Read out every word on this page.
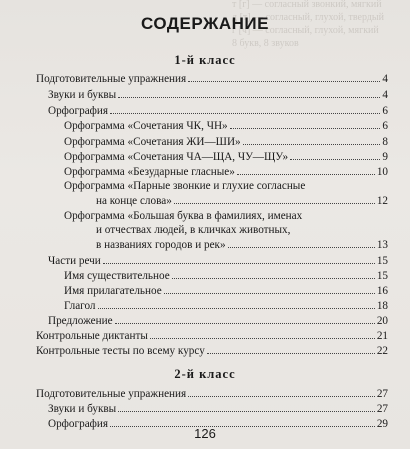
т [г] — согласный звонкий, мягкий
д [т] — согласный, глухой, твердый
г [ч] — согласный, глухой, мягкий
8 букв, 8 звуков
СОДЕРЖАНИЕ
1-й класс
Подготовительные упражнения	4
Звуки и буквы	4
Орфография	6
Орфограмма «Сочетания ЧК, ЧН»	6
Орфограмма «Сочетания ЖИ—ШИ»	8
Орфограмма «Сочетания ЧА—ЩА, ЧУ—ЩУ»	9
Орфограмма «Безударные гласные»	10
Орфограмма «Парные звонкие и глухие согласные
на конце слова»	12
Орфограмма «Большая буква в фамилиях, именах
и отчествах людей, в кличках животных,
в названиях городов и рек»	13
Части речи	15
Имя существительное	15
Имя прилагательное	16
Глагол	18
Предложение	20
Контрольные диктанты	21
Контрольные тесты по всему курсу	22
2-й класс
Подготовительные упражнения	27
Звуки и буквы	27
Орфография	29
126
